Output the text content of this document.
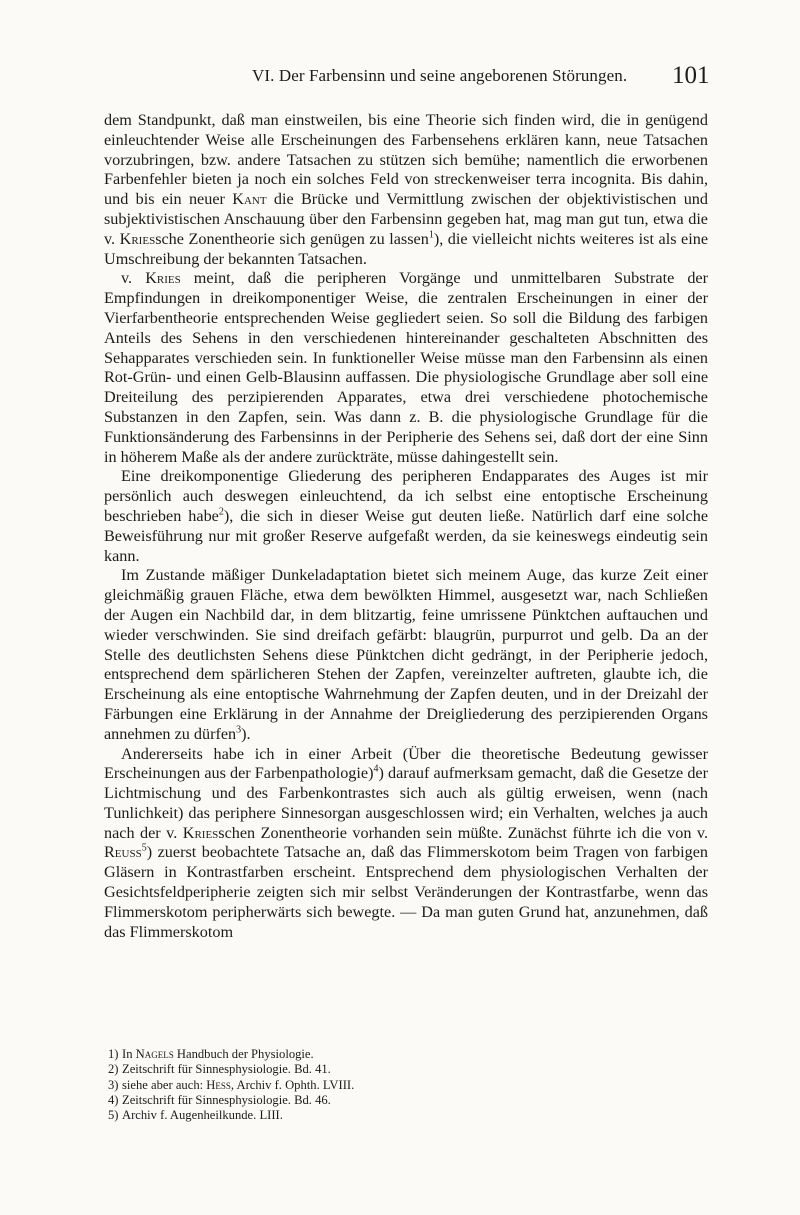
VI. Der Farbensinn und seine angeborenen Störungen.	101

dem Standpunkt, daß man einstweilen, bis eine Theorie sich finden wird, die in genügend einleuchtender Weise alle Erscheinungen des Farbensehens erklären kann, neue Tatsachen vorzubringen, bzw. andere Tatsachen zu stützen sich bemühe; namentlich die erworbenen Farbenfehler bieten ja noch ein solches Feld von streckenweiser terra incognita. Bis dahin, und bis ein neuer Kant die Brücke und Vermittlung zwischen der objektivistischen und subjektivistischen Anschauung über den Farbensinn gegeben hat, mag man gut tun, etwa die v. Kriessche Zonentheorie sich genügen zu lassen$^1$), die vielleicht nichts weiteres ist als eine Umschreibung der bekannten Tatsachen.

v. Kries meint, daß die peripheren Vorgänge und unmittelbaren Substrate der Empfindungen in dreikomponentiger Weise, die zentralen Erscheinungen in einer der Vierfarbentheorie entsprechenden Weise gegliedert seien. So soll die Bildung des farbigen Anteils des Sehens in den verschiedenen hintereinander geschalteten Abschnitten des Sehapparates verschieden sein. In funktioneller Weise müsse man den Farbensinn als einen Rot-Grün- und einen Gelb-Blausinn auffassen. Die physiologische Grundlage aber soll eine Dreiteilung des perzipierenden Apparates, etwa drei verschiedene photochemische Substanzen in den Zapfen, sein. Was dann z. B. die physiologische Grundlage für die Funktionsänderung des Farbensinns in der Peripherie des Sehens sei, daß dort der eine Sinn in höherem Maße als der andere zurückträte, müsse dahingestellt sein.

Eine dreikomponentige Gliederung des peripheren Endapparates des Auges ist mir persönlich auch deswegen einleuchtend, da ich selbst eine entoptische Erscheinung beschrieben habe$^2$), die sich in dieser Weise gut deuten ließe. Natürlich darf eine solche Beweisführung nur mit großer Reserve aufgefaßt werden, da sie keineswegs eindeutig sein kann.

Im Zustande mäßiger Dunkeladaptation bietet sich meinem Auge, das kurze Zeit einer gleichmäßig grauen Fläche, etwa dem bewölkten Himmel, ausgesetzt war, nach Schließen der Augen ein Nachbild dar, in dem blitzartig, feine umrissene Pünktchen auftauchen und wieder verschwinden. Sie sind dreifach gefärbt: blaugrün, purpurrot und gelb. Da an der Stelle des deutlichsten Sehens diese Pünktchen dicht gedrängt, in der Peripherie jedoch, entsprechend dem spärlicheren Stehen der Zapfen, vereinzelter auftreten, glaubte ich, die Erscheinung als eine entoptische Wahrnehmung der Zapfen deuten, und in der Dreizahl der Färbungen eine Erklärung in der Annahme der Dreigliederung des perzipierenden Organs annehmen zu dürfen$^3$).

Andererseits habe ich in einer Arbeit (Über die theoretische Bedeutung gewisser Erscheinungen aus der Farbenpathologie)$^4$) darauf aufmerksam gemacht, daß die Gesetze der Lichtmischung und des Farbenkontrastes sich auch als gültig erweisen, wenn (nach Tunlichkeit) das periphere Sinnesorgan ausgeschlossen wird; ein Verhalten, welches ja auch nach der v. Kriesschen Zonentheorie vorhanden sein müßte. Zunächst führte ich die von v. Reuss$^5$) zuerst beobachtete Tatsache an, daß das Flimmerskotom beim Tragen von farbigen Gläsern in Kontrastfarben erscheint. Entsprechend dem physiologischen Verhalten der Gesichtsfeldperipherie zeigten sich mir selbst Veränderungen der Kontrastfarbe, wenn das Flimmerskotom peripherwärts sich bewegte. — Da man guten Grund hat, anzunehmen, daß das Flimmerskotom

1) In Nagels Handbuch der Physiologie.
2) Zeitschrift für Sinnesphysiologie. Bd. 41.
3) siehe aber auch: Hess, Archiv f. Ophth. LVIII.
4) Zeitschrift für Sinnesphysiologie. Bd. 46.
5) Archiv f. Augenheilkunde. LIII.
